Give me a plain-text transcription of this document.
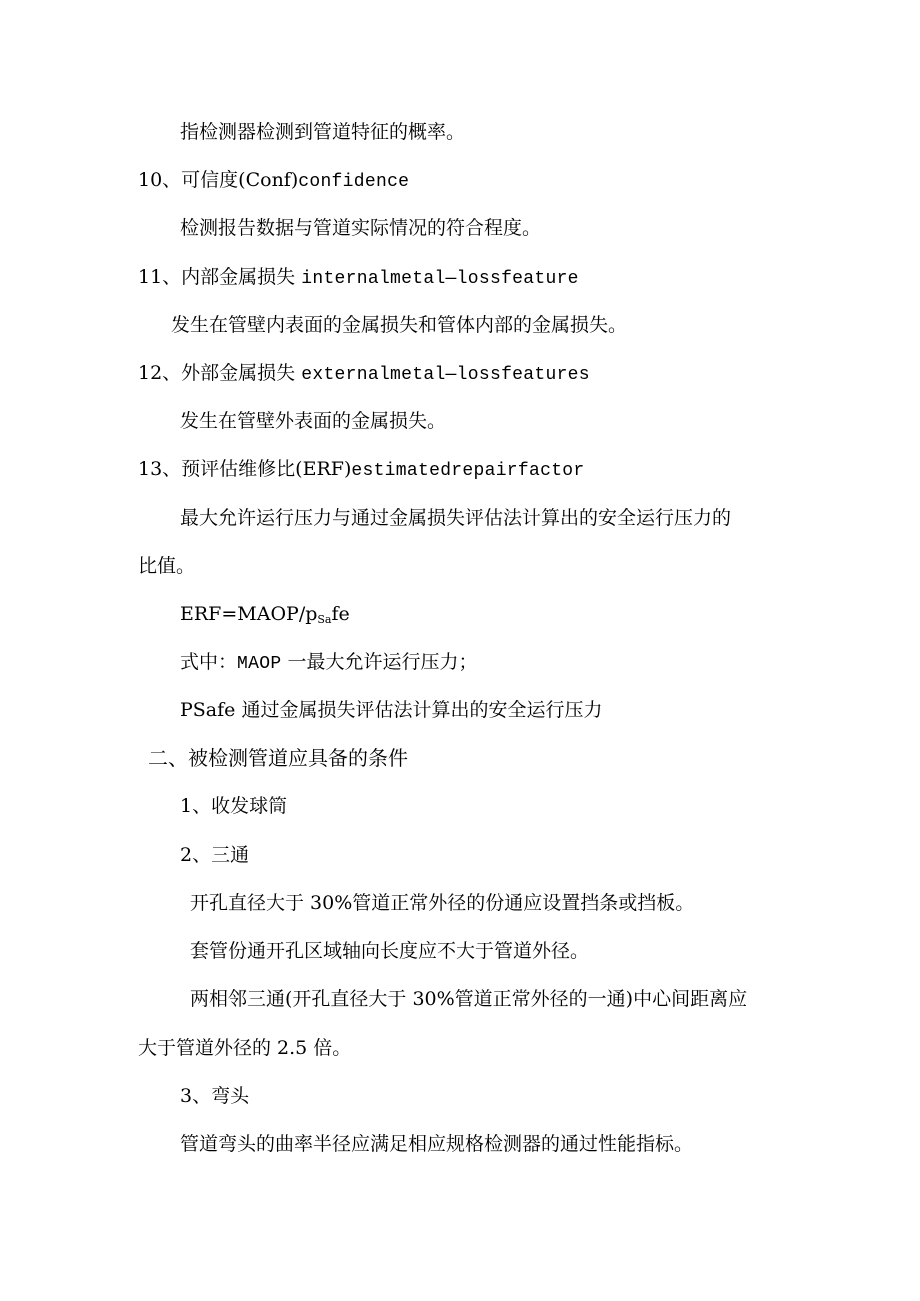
指检测器检测到管道特征的概率。

10、可信度(Conf)confidence

检测报告数据与管道实际情况的符合程度。

11、内部金属损失 internalmetal—lossfeature

发生在管壁内表面的金属损失和管体内部的金属损失。

12、外部金属损失 externalmetal—lossfeatures

发生在管壁外表面的金属损失。

13、预评估维修比(ERF)estimatedrepairfactor

最大允许运行压力与通过金属损失评估法计算出的安全运行压力的

比值。

$ERF=MAOP/p_{Sa}fe$

式中：MAOP 一最大允许运行压力；

PSafe 通过金属损失评估法计算出的安全运行压力

二、被检测管道应具备的条件

1、收发球筒

2、三通

开孔直径大于 30%管道正常外径的份通应设置挡条或挡板。

套管份通开孔区域轴向长度应不大于管道外径。

两相邻三通(开孔直径大于 30%管道正常外径的一通)中心间距离应

大于管道外径的 2.5 倍。

3、弯头

管道弯头的曲率半径应满足相应规格检测器的通过性能指标。
